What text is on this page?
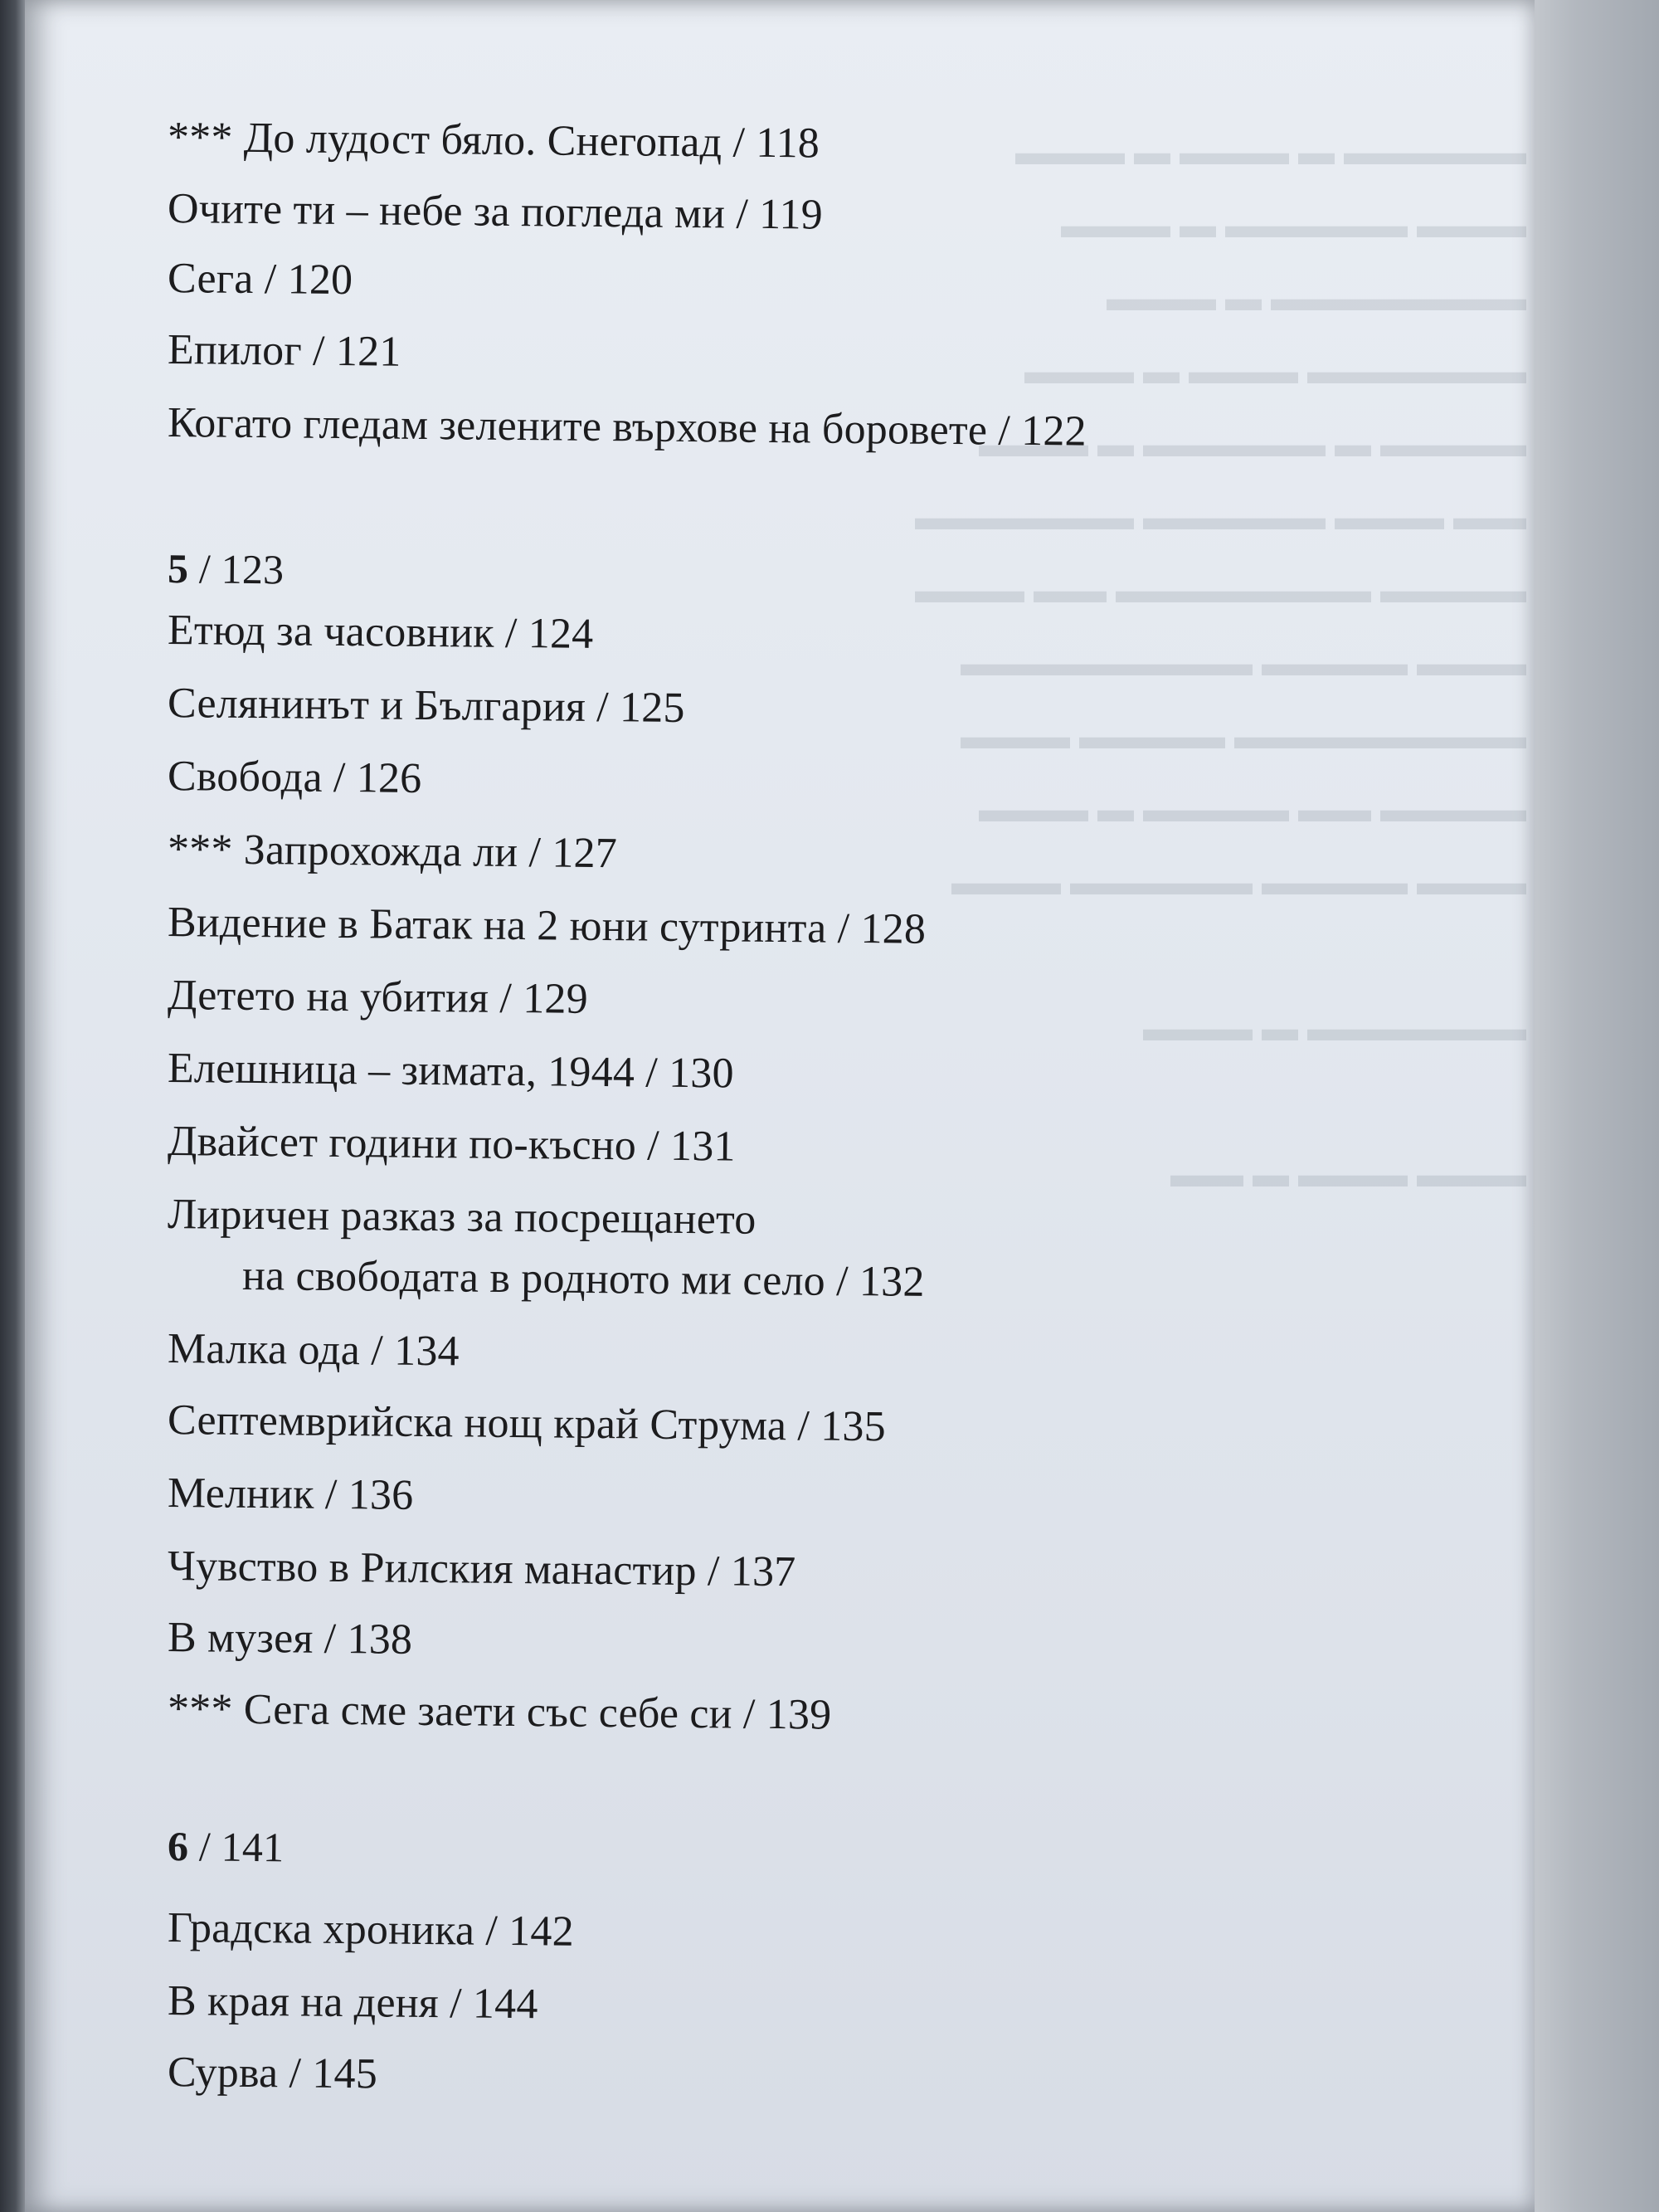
▬▬▬▬▬ ▬ ▬▬▬ ▬ ▬▬▬
▬▬▬ ▬▬▬▬▬ ▬ ▬▬▬
▬▬▬▬▬▬▬ ▬ ▬▬▬
▬▬▬▬▬▬ ▬▬▬ ▬ ▬▬▬
▬▬▬▬ ▬ ▬▬▬▬▬ ▬ ▬▬▬
▬▬ ▬▬▬ ▬▬▬▬▬ ▬▬▬▬▬▬
▬▬▬▬ ▬▬▬▬▬▬▬ ▬▬ ▬▬▬
▬▬▬ ▬▬▬▬ ▬▬▬▬▬▬▬▬
▬▬▬▬▬▬▬▬ ▬▬▬▬ ▬▬▬
▬▬▬▬ ▬▬ ▬▬▬▬ ▬ ▬▬▬
▬▬▬ ▬▬▬▬ ▬▬▬▬▬ ▬▬▬

▬▬▬▬▬▬ ▬ ▬▬▬

▬▬▬ ▬▬▬ ▬ ▬▬
*** До лудост бяло. Снегопад / 118
Очите ти – небе за погледа ми / 119
Сега / 120
Епилог / 121
Когато гледам зелените върхове на боровете / 122
5 / 123
Етюд за часовник / 124
Селянинът и България / 125
Свобода / 126
*** Запрохожда ли / 127
Видение в Батак на 2 юни сутринта / 128
Детето на убития / 129
Елешница – зимата, 1944 / 130
Двайсет години по-късно / 131
Лиричен разказ за посрещането
на свободата в родното ми село / 132
Малка ода / 134
Септемврийска нощ край Струма / 135
Мелник / 136
Чувство в Рилския манастир / 137
В музея / 138
*** Сега сме заети със себе си / 139
6 / 141
Градска хроника / 142
В края на деня / 144
Сурва / 145
